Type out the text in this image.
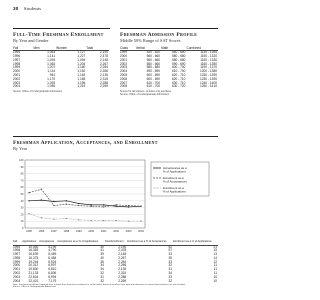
30 Students
Full-Time Freshman Enrollment
By Year and Gender
Fall	Men	Women	Total
1995	1,063	1,127	2,190
1996	1,141	1,227	2,478
1997	1,094	1,094	2,148
1998	1,063	1,204	2,267
1999	1,207	1,160	2,284
2000	1,114	1,152	2,266
2001	961	1,163	2,135
2002	1,170	1,165	2,315
2003	1,093	1,195	2,288
2004	1,050	1,219	2,269
Source: Office of Undergraduate Admissions
Freshman Admission Profile
Middle 50% Range of SAT Scores
Class	Verbal	Math	Combined
1999	520 - 620	540 - 650	1130 - 1260
2000	560 - 660	580 - 680	1150 - 1320
2001	560 - 660	580 - 680	1150 - 1330
2002	560 - 660	590 - 690	1160 - 1350
2003	580 - 680	600 - 700	1190 - 1370
2004	590 - 690	610 - 700	1200 - 1380
2005	600 - 690	620 - 710	1230 - 1390
2006	600 - 690	620 - 710	1230 - 1390
2007	610 - 700	630 - 710	1240 - 1400
2008	610 - 700	630 - 720	1250 - 1410
Scores for fall classes, includes only enrollees.
Source: Office of Undergraduate Admissions
Freshman Application, Acceptances, and Enrollment
By Year
0
10
20
30
40
50
60
70
80
90
100
1995	1996	1997	1998	1999	2000	2001	2002	2003	2004
Acceptances as a
% of Applications
Enrollment as a
% of Acceptances
Enrollment as a
% of Applications
Fall	Applications	Acceptances	Acceptances as a % of Applications	Total Enrollment	Enrollment as a % of Acceptances	Enrollment as a % of Applications
1995	10,400	4,199	40	2,190	52	21
1996	16,383	4,790	41	2,478	57	15
1997	16,639	6,469	39	2,148	33	13
1998	16,375	6,484	40	2,267	35	14
1999	19,244	6,924	36	2,284	33	12
2000	20,312	6,997	34	2,266	32	11
2001	19,800	6,810	34	2,135	31	11
2002	21,133	6,806	32	2,315	34	11
2003	22,604	6,994	31	2,288	33	10
2004	22,421	7,179	32	2,269	32	10
Note: Freshman enrollment reported here is fewer than freshman enrollment in earlier tables because enrollees who deferred admission or matriculated mid-year are not included.
Source: Office of Undergraduate Admissions
